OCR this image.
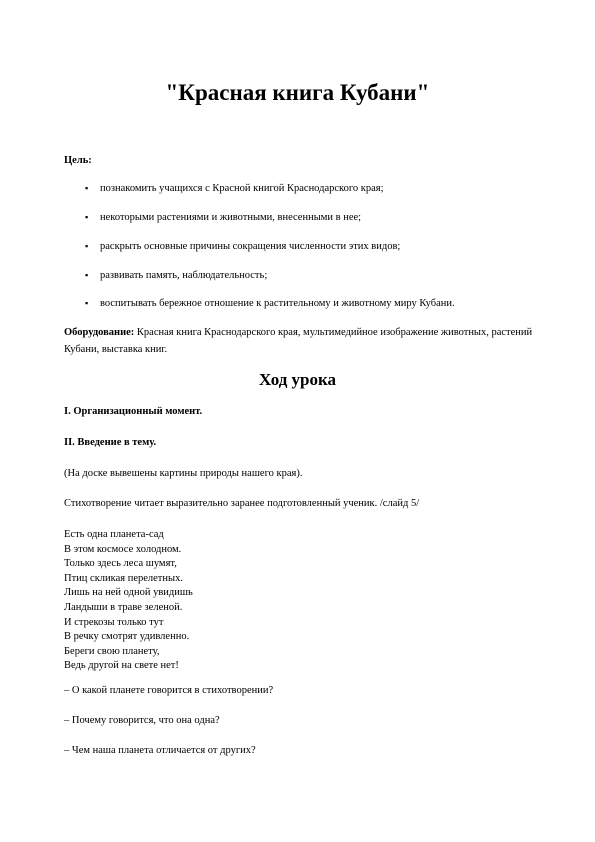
"Красная книга Кубани"
Цель:
▪ познакомить учащихся с Красной книгой Краснодарского края;
▪ некоторыми растениями и животными, внесенными в нее;
▪ раскрыть основные причины сокращения численности этих видов;
▪ развивать память, наблюдательность;
▪ воспитывать бережное отношение к растительному и животному миру Кубани.

Оборудование: Красная книга Краснодарского края, мультимедийное изображение животных, растений Кубани, выставка книг.

Ход урока
I. Организационный момент.
II. Введение в тему.
(На доске вывешены картины природы нашего края).
Стихотворение читает выразительно заранее подготовленный ученик. /слайд 5/
Есть одна планета-сад
В этом космосе холодном.
Только здесь леса шумят,
Птиц скликая перелетных.
Лишь на ней одной увидишь
Ландыши в траве зеленой.
И стрекозы только тут
В речку смотрят удивленно.
Береги свою планету,
Ведь другой на свете нет!
– О какой планете говорится в стихотворении?
– Почему говорится, что она одна?
– Чем наша планета отличается от других?
